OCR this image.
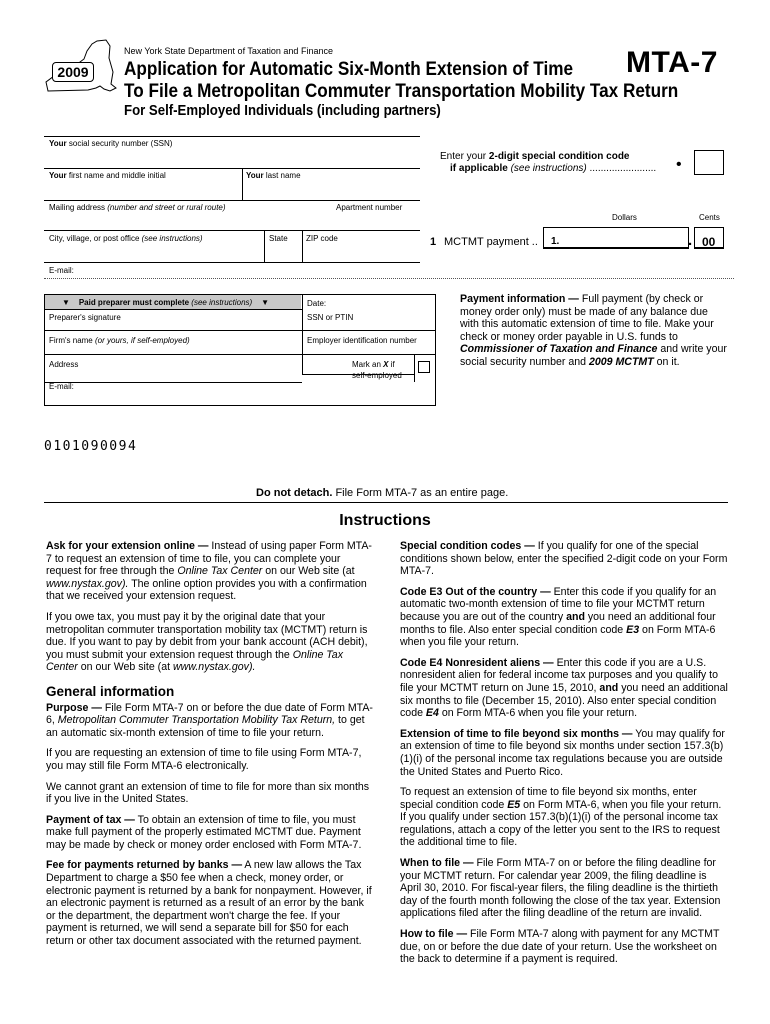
2009
New York State Department of Taxation and Finance
Application for Automatic Six-Month Extension of Time
To File a Metropolitan Commuter Transportation Mobility Tax Return
For Self-Employed Individuals (including partners)
MTA-7
Your social security number (SSN)
Your first name and middle initial	Your last name
Mailing address (number and street or rural route)	Apartment number
City, village, or post office (see instructions)	State ZIP code
E-mail:
Enter your 2-digit special condition code
if applicable (see instructions) ........................ •
Dollars	Cents
1 MCTMT payment .. 1.	. 00
▼ Paid preparer must complete (see instructions) ▼	Date:
Preparer's signature	SSN or PTIN
Firm's name (or yours, if self-employed)	Employer identification number
Address	Mark an X if
self-employed
E-mail:
Payment information — Full payment (by check or money order only) must be made of any balance due with this automatic extension of time to file. Make your check or money order payable in U.S. funds to Commissioner of Taxation and Finance and write your social security number and 2009 MCTMT on it.
0101090094
Do not detach. File Form MTA-7 as an entire page.
Instructions

Ask for your extension online — Instead of using paper Form MTA-7 to request an extension of time to file, you can complete your request for free through the Online Tax Center on our Web site (at www.nystax.gov). The online option provides you with a confirmation that we received your extension request.

If you owe tax, you must pay it by the original date that your metropolitan commuter transportation mobility tax (MCTMT) return is due. If you want to pay by debit from your bank account (ACH debit), you must submit your extension request through the Online Tax Center on our Web site (at www.nystax.gov).

General information

Purpose — File Form MTA-7 on or before the due date of Form MTA-6, Metropolitan Commuter Transportation Mobility Tax Return, to get an automatic six-month extension of time to file your return.

If you are requesting an extension of time to file using Form MTA-7, you may still file Form MTA-6 electronically.

We cannot grant an extension of time to file for more than six months if you live in the United States.

Payment of tax — To obtain an extension of time to file, you must make full payment of the properly estimated MCTMT due. Payment may be made by check or money order enclosed with Form MTA-7.

Fee for payments returned by banks — A new law allows the Tax Department to charge a $50 fee when a check, money order, or electronic payment is returned by a bank for nonpayment. However, if an electronic payment is returned as a result of an error by the bank or the department, the department won't charge the fee. If your payment is returned, we will send a separate bill for $50 for each return or other tax document associated with the returned payment.

Special condition codes — If you qualify for one of the special conditions shown below, enter the specified 2-digit code on your Form MTA-7.

Code E3 Out of the country — Enter this code if you qualify for an automatic two-month extension of time to file your MCTMT return because you are out of the country and you need an additional four months to file. Also enter special condition code E3 on Form MTA-6 when you file your return.

Code E4 Nonresident aliens — Enter this code if you are a U.S. nonresident alien for federal income tax purposes and you qualify to file your MCTMT return on June 15, 2010, and you need an additional six months to file (December 15, 2010). Also enter special condition code E4 on Form MTA-6 when you file your return.

Extension of time to file beyond six months — You may qualify for an extension of time to file beyond six months under section 157.3(b)(1)(i) of the personal income tax regulations because you are outside the United States and Puerto Rico.

To request an extension of time to file beyond six months, enter special condition code E5 on Form MTA-6, when you file your return. If you qualify under section 157.3(b)(1)(i) of the personal income tax regulations, attach a copy of the letter you sent to the IRS to request the additional time to file.

When to file — File Form MTA-7 on or before the filing deadline for your MCTMT return. For calendar year 2009, the filing deadline is April 30, 2010. For fiscal-year filers, the filing deadline is the thirtieth day of the fourth month following the close of the tax year. Extension applications filed after the filing deadline of the return are invalid.

How to file — File Form MTA-7 along with payment for any MCTMT due, on or before the due date of your return. Use the worksheet on the back to determine if a payment is required.
